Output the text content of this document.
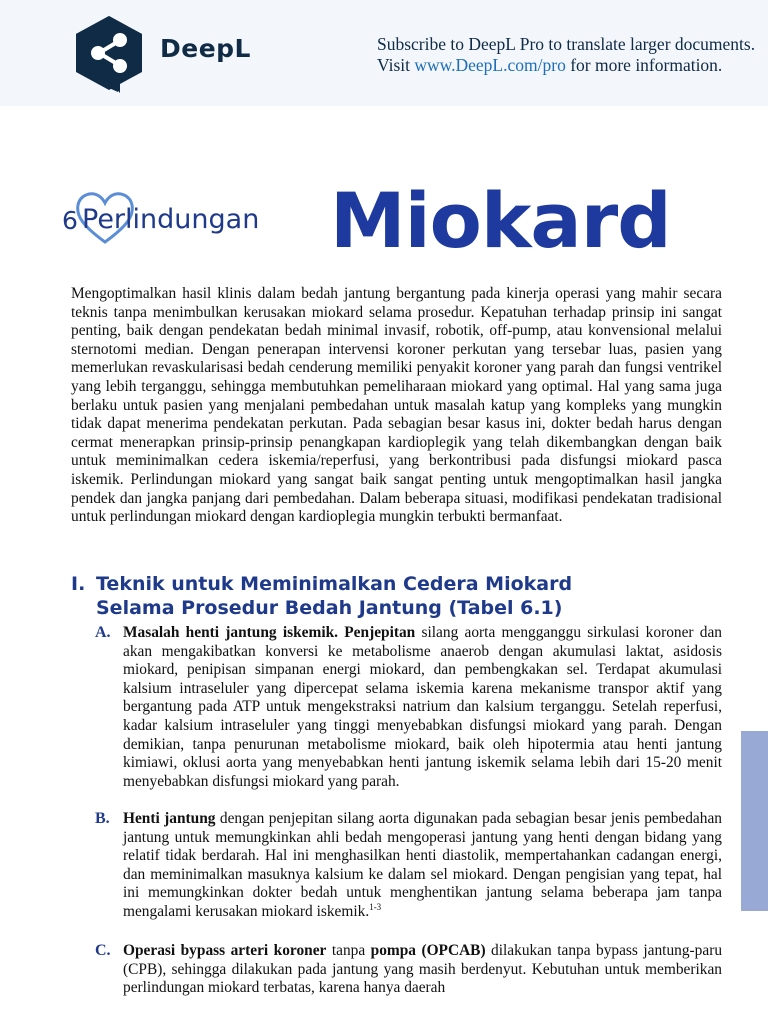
DeepL	Subscribe to DeepL Pro to translate larger documents.
Visit www.DeepL.com/pro for more information.
6 Perlindungan Miokard

Mengoptimalkan hasil klinis dalam bedah jantung bergantung pada kinerja operasi yang mahir secara teknis tanpa menimbulkan kerusakan miokard selama prosedur. Kepatuhan terhadap prinsip ini sangat penting, baik dengan pendekatan bedah minimal invasif, robotik, off-pump, atau konvensional melalui sternotomi median. Dengan penerapan intervensi koroner perkutan yang tersebar luas, pasien yang memerlukan revaskularisasi bedah cenderung memiliki penyakit koroner yang parah dan fungsi ventrikel yang lebih terganggu, sehingga membutuhkan pemeliharaan miokard yang optimal. Hal yang sama juga berlaku untuk pasien yang menjalani pembedahan untuk masalah katup yang kompleks yang mungkin tidak dapat menerima pendekatan perkutan. Pada sebagian besar kasus ini, dokter bedah harus dengan cermat menerapkan prinsip-prinsip penangkapan kardioplegik yang telah dikembangkan dengan baik untuk meminimalkan cedera iskemia/reperfusi, yang berkontribusi pada disfungsi miokard pasca iskemik. Perlindungan miokard yang sangat baik sangat penting untuk mengoptimalkan hasil jangka pendek dan jangka panjang dari pembedahan. Dalam beberapa situasi, modifikasi pendekatan tradisional untuk perlindungan miokard dengan kardioplegia mungkin terbukti bermanfaat.

I. Teknik untuk Meminimalkan Cedera Miokard
Selama Prosedur Bedah Jantung (Tabel 6.1)
A. Masalah henti jantung iskemik. Penjepitan silang aorta mengganggu sirkulasi koroner dan akan mengakibatkan konversi ke metabolisme anaerob dengan akumulasi laktat, asidosis miokard, penipisan simpanan energi miokard, dan pembengkakan sel. Terdapat akumulasi kalsium intraseluler yang dipercepat selama iskemia karena mekanisme transpor aktif yang bergantung pada ATP untuk mengekstraksi natrium dan kalsium terganggu. Setelah reperfusi, kadar kalsium intraseluler yang tinggi menyebabkan disfungsi miokard yang parah. Dengan demikian, tanpa penurunan metabolisme miokard, baik oleh hipotermia atau henti jantung kimiawi, oklusi aorta yang menyebabkan henti jantung iskemik selama lebih dari 15-20 menit menyebabkan disfungsi miokard yang parah.
B. Henti jantung dengan penjepitan silang aorta digunakan pada sebagian besar jenis pembedahan jantung untuk memungkinkan ahli bedah mengoperasi jantung yang henti dengan bidang yang relatif tidak berdarah. Hal ini menghasilkan henti diastolik, mempertahankan cadangan energi, dan meminimalkan masuknya kalsium ke dalam sel miokard. Dengan pengisian yang tepat, hal ini memungkinkan dokter bedah untuk menghentikan jantung selama beberapa jam tanpa mengalami kerusakan miokard iskemik.$^{1-3}$
C. Operasi bypass arteri koroner tanpa pompa (OPCAB) dilakukan tanpa bypass jantung-paru (CPB), sehingga dilakukan pada jantung yang masih berdenyut. Kebutuhan untuk memberikan perlindungan miokard terbatas, karena hanya daerah
